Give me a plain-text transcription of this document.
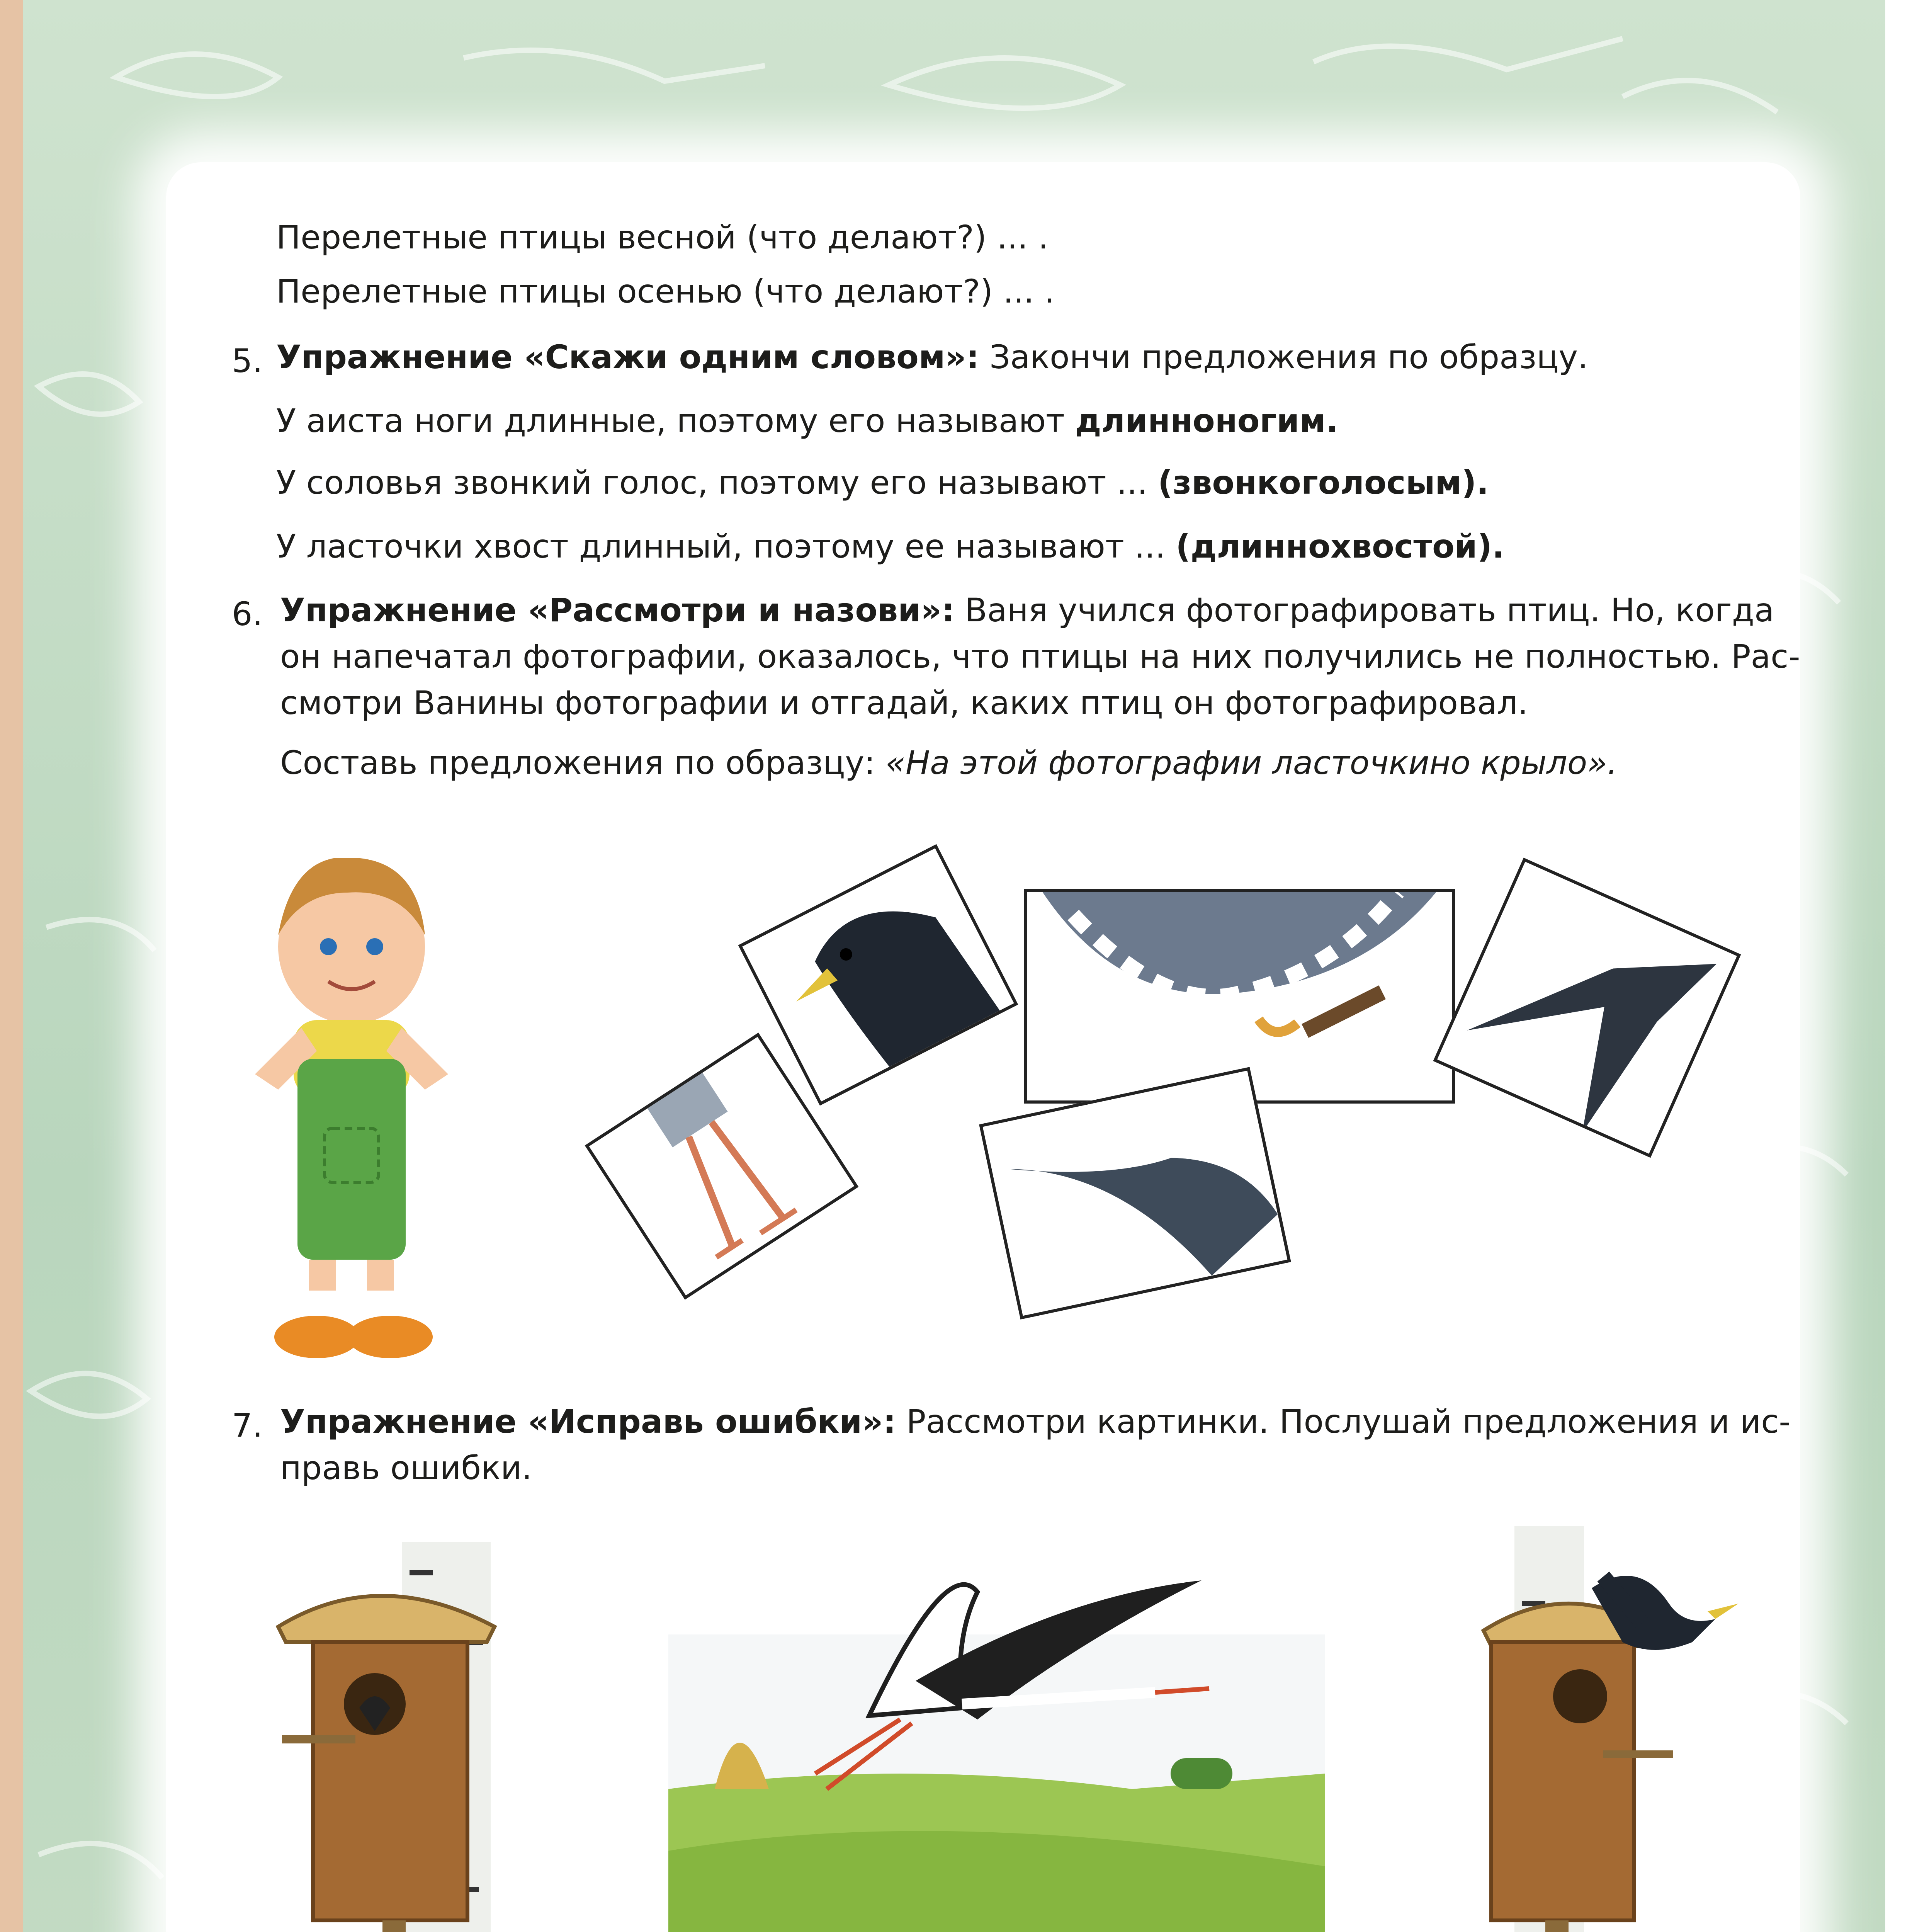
Перелетные птицы весной (что делают?) ... .
Перелетные птицы осенью (что делают?) ... .
5. Упражнение «Скажи одним словом»: Закончи предложения по образцу.
У аиста ноги длинные, поэтому его называют длинноногим.
У соловья звонкий голос, поэтому его называют ... (звонкоголосым).
У ласточки хвост длинный, поэтому ее называют ... (длиннохвостой).
6. Упражнение «Рассмотри и назови»: Ваня учился фотографировать птиц. Но, когда
он напечатал фотографии, оказалось, что птицы на них получились не полностью. Рас-
смотри Ванины фотографии и отгадай, каких птиц он фотографировал.
Составь предложения по образцу: «На этой фотографии ласточкино крыло».
7. Упражнение «Исправь ошибки»: Рассмотри картинки. Послушай предложения и ис-
правь ошибки.
